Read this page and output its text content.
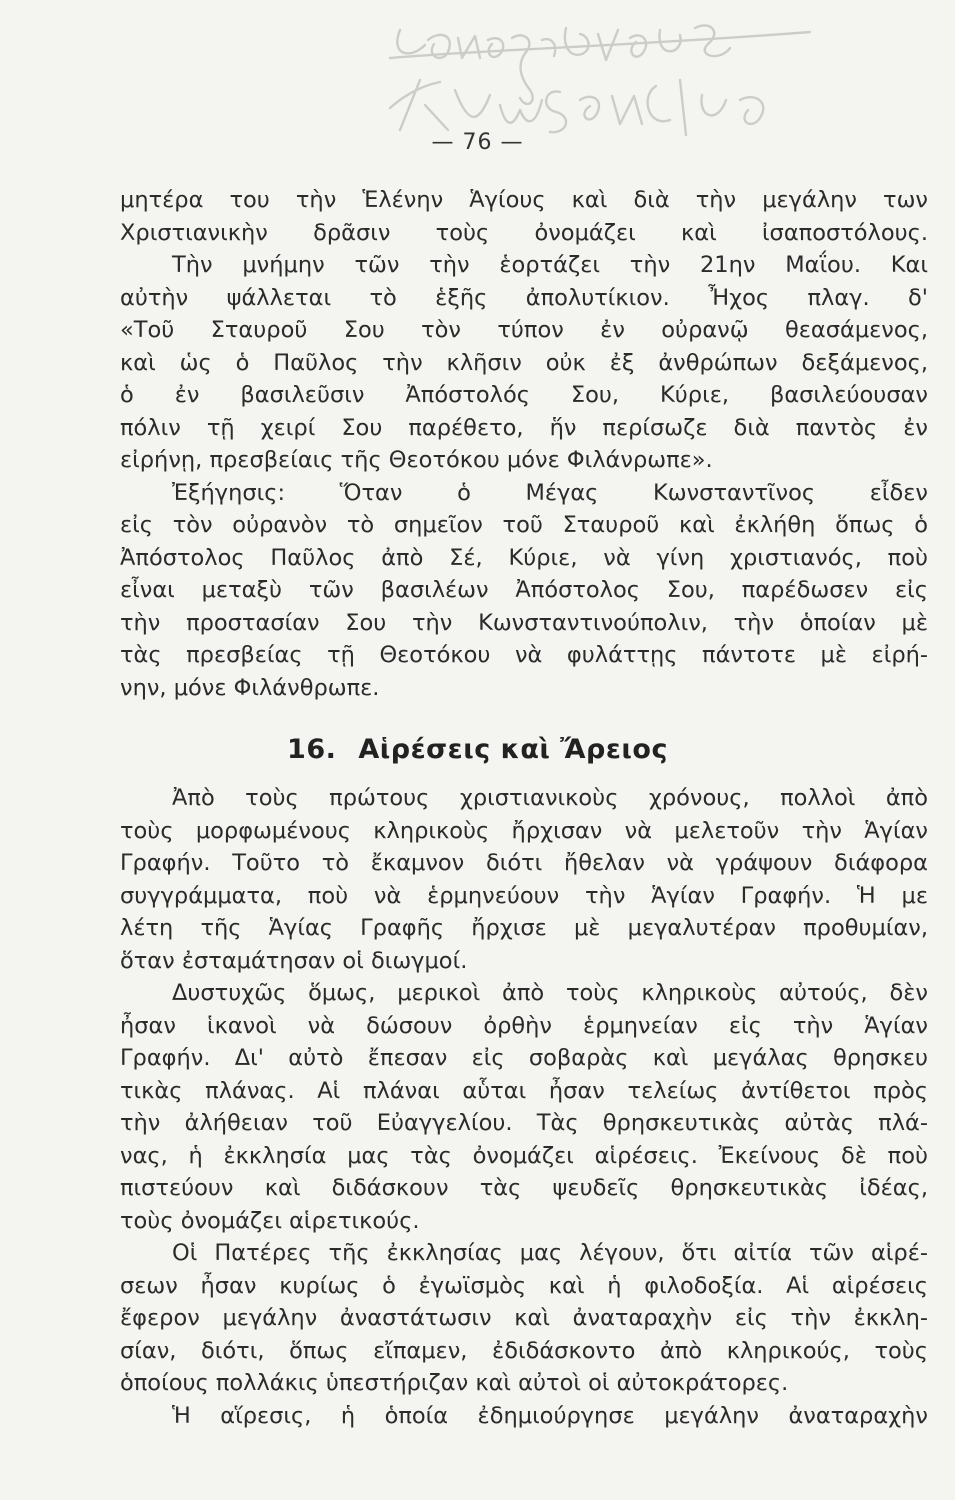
— 76 —
μητέρα του τὴν Ἑλένην Ἁγίους καὶ διὰ τὴν μεγάλην των
Χριστιανικὴν δρᾶσιν τοὺς ὀνομάζει καὶ ἰσαποστόλους.
Τὴν μνήμην τῶν τὴν ἑορτάζει τὴν 21ην Μαΐου. Και
αὐτὴν ψάλλεται τὸ ἑξῆς ἀπολυτίκιον. Ἦχος πλαγ. δ'
«Τοῦ Σταυροῦ Σου τὸν τύπον ἐν οὐρανῷ θεασάμενος,
καὶ ὡς ὁ Παῦλος τὴν κλῆσιν οὐκ ἐξ ἀνθρώπων δεξάμενος,
ὁ ἐν βασιλεῦσιν Ἀπόστολός Σου, Κύριε, βασιλεύουσαν
πόλιν τῇ χειρί Σου παρέθετο, ἥν περίσωζε διὰ παντὸς ἐν
εἰρήνῃ, πρεσβείαις τῆς Θεοτόκου μόνε Φιλάνρωπε».
Ἐξήγησις: Ὅταν ὁ Μέγας Κωνσταντῖνος εἶδεν
εἰς τὸν οὐρανὸν τὸ σημεῖον τοῦ Σταυροῦ καὶ ἐκλήθη ὅπως ὁ
Ἀπόστολος Παῦλος ἀπὸ Σέ, Κύριε, νὰ γίνη χριστιανός, ποὺ
εἶναι μεταξὺ τῶν βασιλέων Ἀπόστολος Σου, παρέδωσεν εἰς
τὴν προστασίαν Σου τὴν Κωνσταντινούπολιν, τὴν ὁποίαν μὲ
τὰς πρεσβείας τῇ Θεοτόκου νὰ φυλάττῃς πάντοτε μὲ εἰρή-
νην, μόνε Φιλάνθρωπε.
16. Αἱρέσεις καὶ Ἄρειος
Ἀπὸ τοὺς πρώτους χριστιανικοὺς χρόνους, πολλοὶ ἀπὸ
τοὺς μορφωμένους κληρικοὺς ἤρχισαν νὰ μελετοῦν τὴν Ἁγίαν
Γραφήν. Τοῦτο τὸ ἔκαμνον διότι ἤθελαν νὰ γράψουν διάφορα
συγγράμματα, ποὺ νὰ ἑρμηνεύουν τὴν Ἁγίαν Γραφήν. Ἡ με
λέτη τῆς Ἁγίας Γραφῆς ἤρχισε μὲ μεγαλυτέραν προθυμίαν,
ὅταν ἐσταμάτησαν οἱ διωγμοί.
Δυστυχῶς ὅμως, μερικοὶ ἀπὸ τοὺς κληρικοὺς αὐτούς, δὲν
ἦσαν ἱκανοὶ νὰ δώσουν ὀρθὴν ἑρμηνείαν εἰς τὴν Ἁγίαν
Γραφήν. Δι' αὐτὸ ἔπεσαν εἰς σοβαρὰς καὶ μεγάλας θρησκευ
τικὰς πλάνας. Αἱ πλάναι αὗται ἦσαν τελείως ἀντίθετοι πρὸς
τὴν ἀλήθειαν τοῦ Εὐαγγελίου. Τὰς θρησκευτικὰς αὐτὰς πλά-
νας, ἡ ἐκκλησία μας τὰς ὀνομάζει αἱρέσεις. Ἐκείνους δὲ ποὺ
πιστεύουν καὶ διδάσκουν τὰς ψευδεῖς θρησκευτικὰς ἰδέας,
τοὺς ὀνομάζει αἱρετικούς.
Οἱ Πατέρες τῆς ἐκκλησίας μας λέγουν, ὅτι αἰτία τῶν αἱρέ-
σεων ἦσαν κυρίως ὁ ἐγωϊσμὸς καὶ ἡ φιλοδοξία. Αἱ αἱρέσεις
ἔφερον μεγάλην ἀναστάτωσιν καὶ ἀναταραχὴν εἰς τὴν ἐκκλη-
σίαν, διότι, ὅπως εἴπαμεν, ἐδιδάσκοντο ἀπὸ κληρικούς, τοὺς
ὁποίους πολλάκις ὑπεστήριζαν καὶ αὐτοὶ οἱ αὐτοκράτορες.
Ἡ αἵρεσις, ἡ ὁποία ἐδημιούργησε μεγάλην ἀναταραχὴν
